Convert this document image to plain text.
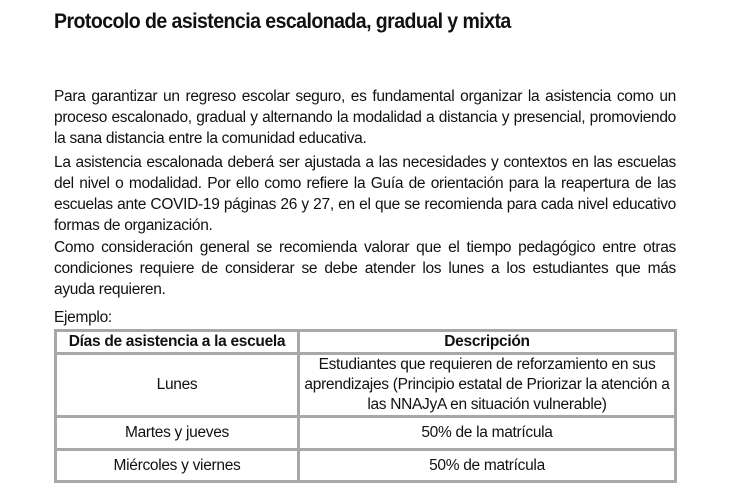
Protocolo de asistencia escalonada, gradual y mixta

Para garantizar un regreso escolar seguro, es fundamental organizar la asistencia como un proceso escalonado, gradual y alternando la modalidad a distancia y presencial, promoviendo la sana distancia entre la comunidad educativa.

La asistencia escalonada deberá ser ajustada a las necesidades y contextos en las escuelas del nivel o modalidad. Por ello como refiere la Guía de orientación para la reapertura de las escuelas ante COVID-19 páginas 26 y 27, en el que se recomienda para cada nivel educativo formas de organización.

Como consideración general se recomienda valorar que el tiempo pedagógico entre otras condiciones requiere de considerar se debe atender los lunes a los estudiantes que más ayuda requieren.

Ejemplo:
Días de asistencia a la escuela	Descripción
Lunes	Estudiantes que requieren de reforzamiento en sus aprendizajes (Principio estatal de Priorizar la atención a las NNAJyA en situación vulnerable)
Martes y jueves	50% de la matrícula
Miércoles y viernes	50% de matrícula
